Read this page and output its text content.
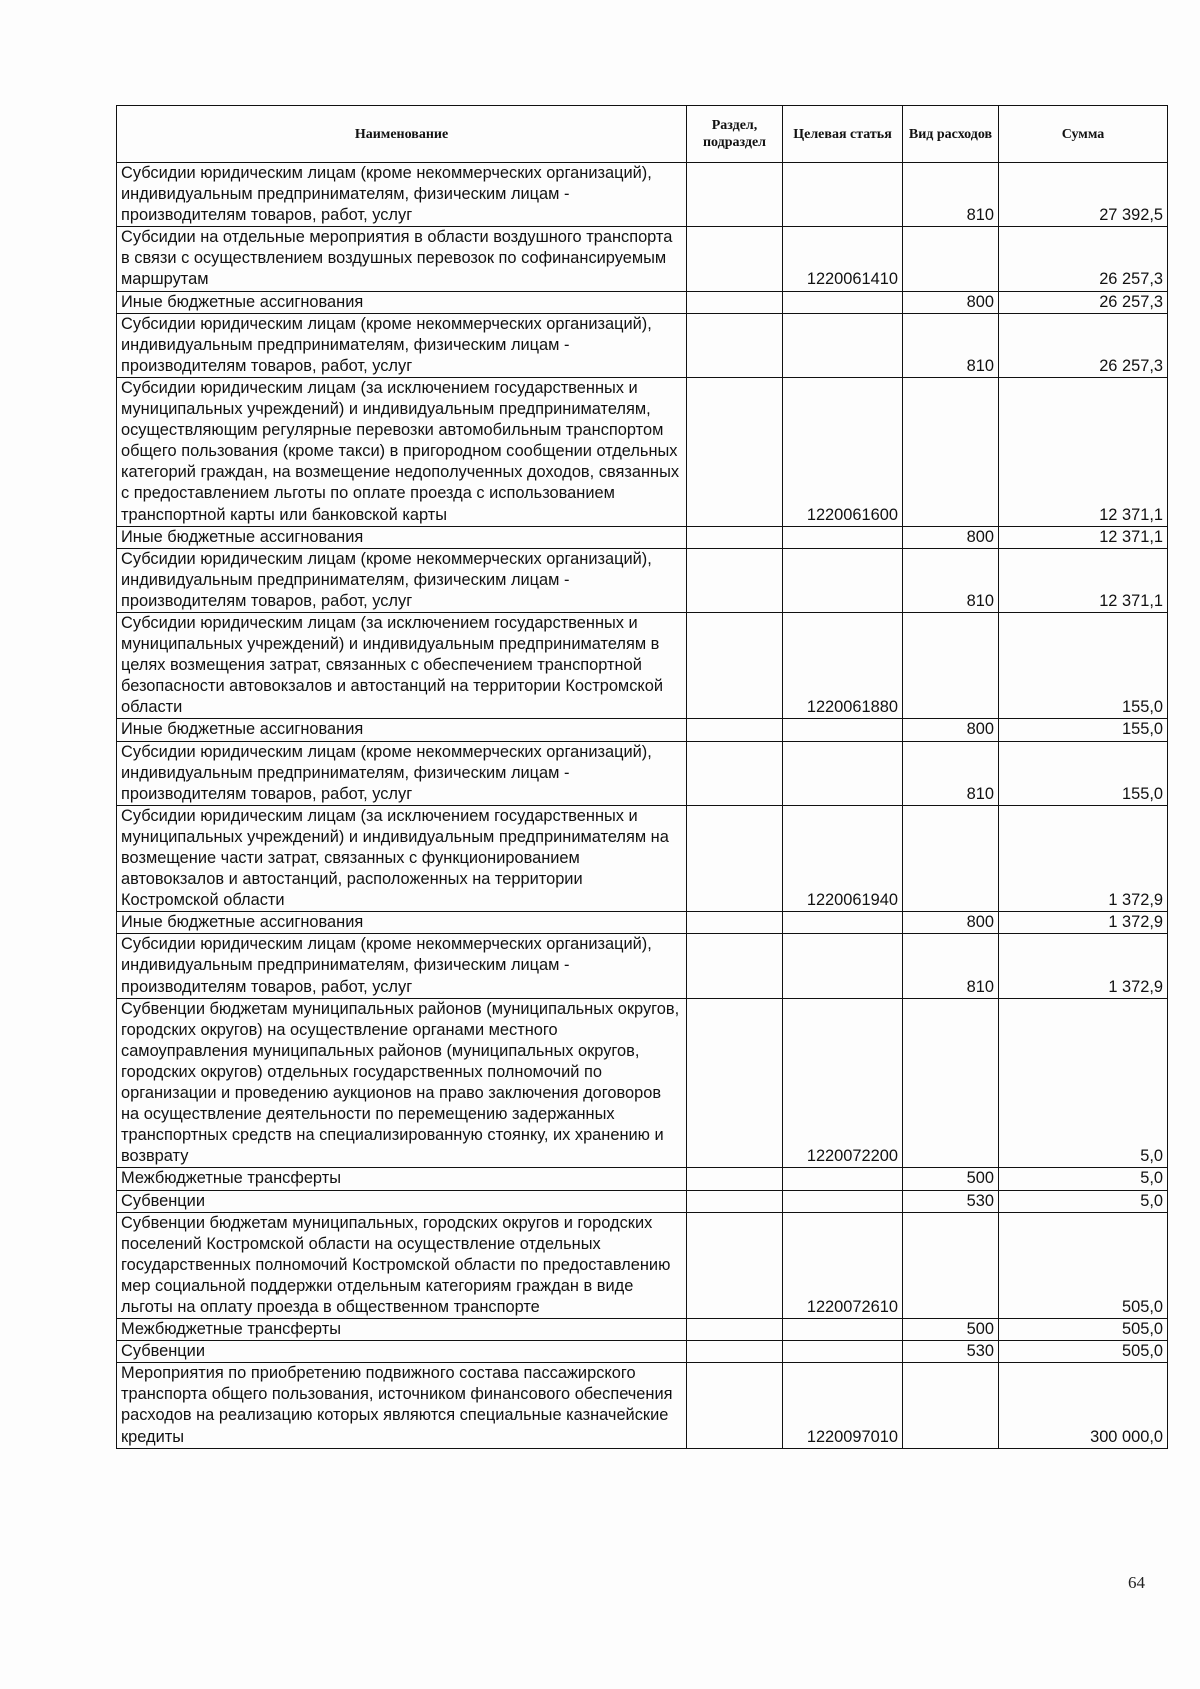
Наименование	Раздел, подраздел	Целевая статья	Вид расходов	Сумма
Субсидии юридическим лицам (кроме некоммерческих организаций), индивидуальным предпринимателям, физическим лицам - производителям товаров, работ, услуг			810	27 392,5
Субсидии на отдельные мероприятия в области воздушного транспорта в связи с осуществлением воздушных перевозок по софинансируемым маршрутам		1220061410		26 257,3
Иные бюджетные ассигнования			800	26 257,3
Субсидии юридическим лицам (кроме некоммерческих организаций), индивидуальным предпринимателям, физическим лицам - производителям товаров, работ, услуг			810	26 257,3
Субсидии юридическим лицам (за исключением государственных и муниципальных учреждений) и индивидуальным предпринимателям, осуществляющим регулярные перевозки автомобильным транспортом общего пользования (кроме такси) в пригородном сообщении отдельных категорий граждан, на возмещение недополученных доходов, связанных с предоставлением льготы по оплате проезда с использованием транспортной карты или банковской карты		1220061600		12 371,1
Иные бюджетные ассигнования			800	12 371,1
Субсидии юридическим лицам (кроме некоммерческих организаций), индивидуальным предпринимателям, физическим лицам - производителям товаров, работ, услуг			810	12 371,1
Субсидии юридическим лицам (за исключением государственных и муниципальных учреждений) и индивидуальным предпринимателям в целях возмещения затрат, связанных с обеспечением транспортной безопасности автовокзалов и автостанций на территории Костромской области		1220061880		155,0
Иные бюджетные ассигнования			800	155,0
Субсидии юридическим лицам (кроме некоммерческих организаций), индивидуальным предпринимателям, физическим лицам - производителям товаров, работ, услуг			810	155,0
Субсидии юридическим лицам (за исключением государственных и муниципальных учреждений) и индивидуальным предпринимателям на возмещение части затрат, связанных с функционированием автовокзалов и автостанций, расположенных на территории Костромской области		1220061940		1 372,9
Иные бюджетные ассигнования			800	1 372,9
Субсидии юридическим лицам (кроме некоммерческих организаций), индивидуальным предпринимателям, физическим лицам - производителям товаров, работ, услуг			810	1 372,9
Субвенции бюджетам муниципальных районов (муниципальных округов, городских округов) на осуществление органами местного самоуправления муниципальных районов (муниципальных округов, городских округов) отдельных государственных полномочий по организации и проведению аукционов на право заключения договоров на осуществление деятельности по перемещению задержанных транспортных средств на специализированную стоянку, их хранению и возврату		1220072200		5,0
Межбюджетные трансферты			500	5,0
Субвенции			530	5,0
Субвенции бюджетам муниципальных, городских округов и городских поселений Костромской области на осуществление отдельных государственных полномочий Костромской области по предоставлению мер социальной поддержки отдельным категориям граждан в виде льготы на оплату проезда в общественном транспорте		1220072610		505,0
Межбюджетные трансферты			500	505,0
Субвенции			530	505,0
Мероприятия по приобретению подвижного состава пассажирского транспорта общего пользования, источником финансового обеспечения расходов на реализацию которых являются специальные казначейские кредиты		1220097010		300 000,0
64
